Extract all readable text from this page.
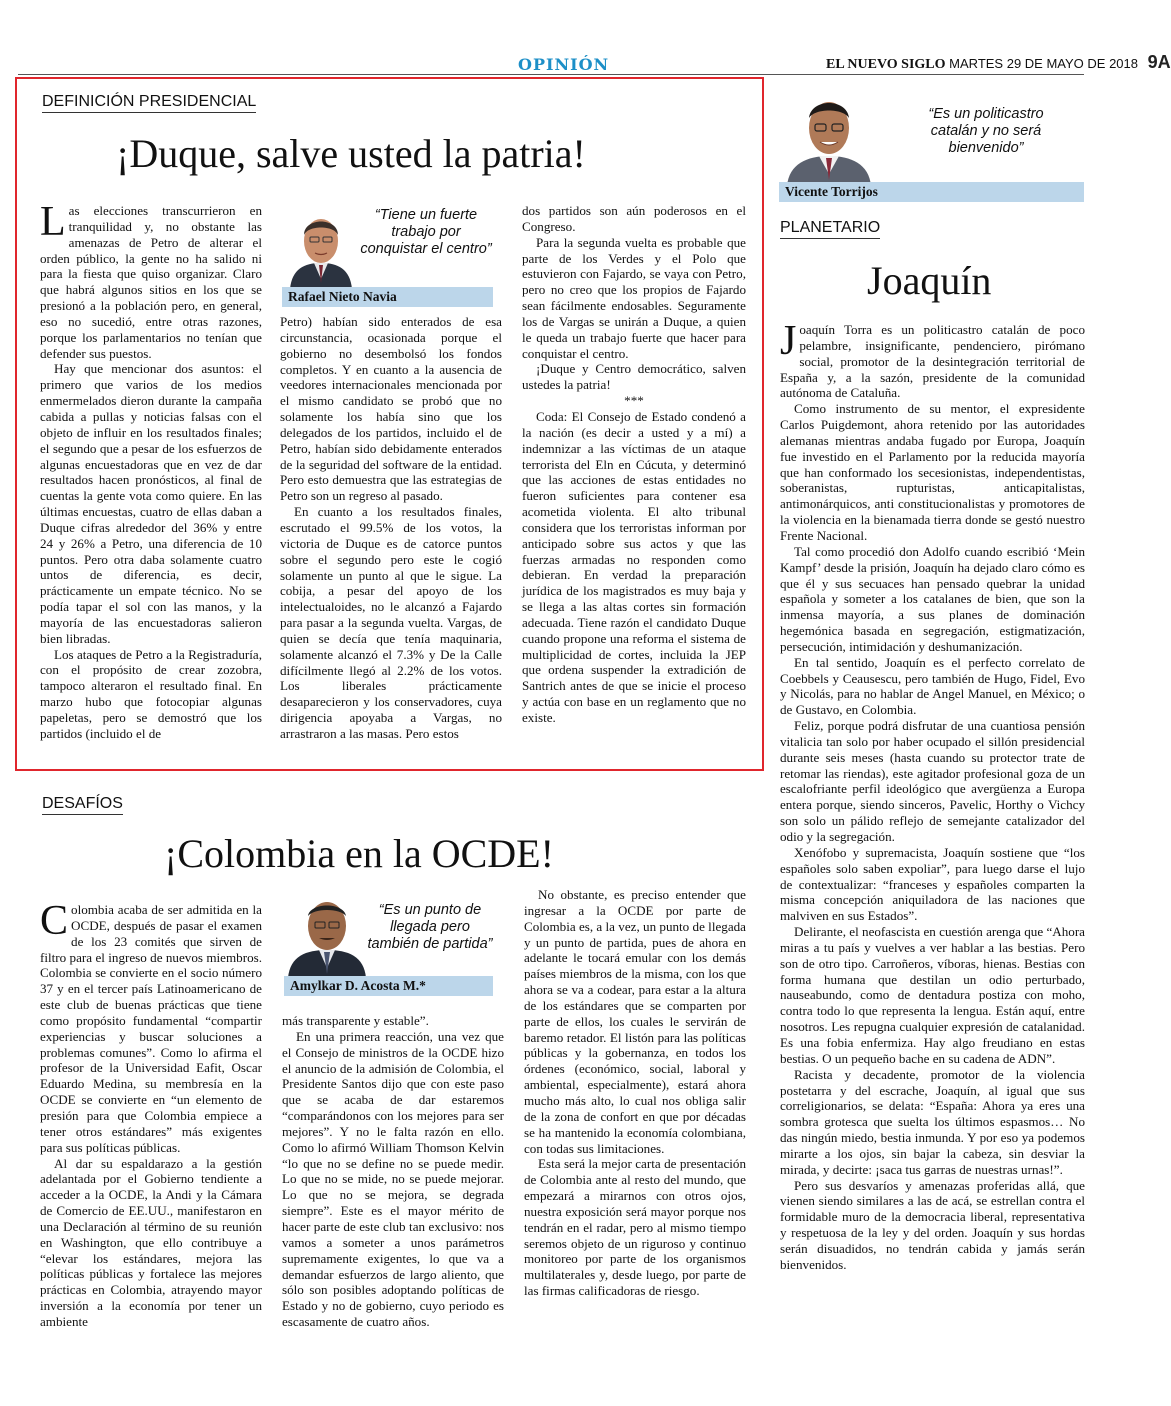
OPINIÓN	EL NUEVO SIGLO MARTES 29 DE MAYO DE 2018 9A
DEFINICIÓN PRESIDENCIAL
¡Duque, salve usted la patria!

Las elecciones transcurrieron en tranquilidad y, no obstante las amenazas de Petro de alterar el orden público, la gente no ha salido ni para la fiesta que quiso organizar. Claro que habrá algunos sitios en los que se presionó a la población pero, en general, eso no sucedió, entre otras razones, porque los parlamentarios no tenían que defender sus puestos.

Hay que mencionar dos asuntos: el primero que varios de los medios enmermelados dieron durante la campaña cabida a pullas y noticias falsas con el objeto de influir en los resultados finales; el segundo que a pesar de los esfuerzos de algunas encuestadoras que en vez de dar resultados hacen pronósticos, al final de cuentas la gente vota como quiere. En las últimas encuestas, cuatro de ellas daban a Duque cifras alrededor del 36% y entre 24 y 26% a Petro, una diferencia de 10 puntos. Pero otra daba solamente cuatro untos de diferencia, es decir, prácticamente un empate técnico. No se podía tapar el sol con las manos, y la mayoría de las encuestadoras salieron bien libradas.

Los ataques de Petro a la Registraduría, con el propósito de crear zozobra, tampoco alteraron el resultado final. En marzo hubo que fotocopiar algunas papeletas, pero se demostró que los partidos (incluido el de

“Tiene un fuerte trabajo por conquistar el centro”
Rafael Nieto Navia

Petro) habían sido enterados de esa circunstancia, ocasionada porque el gobierno no desembolsó los fondos completos. Y en cuanto a la ausencia de veedores internacionales mencionada por el mismo candidato se probó que no solamente los había sino que los delegados de los partidos, incluido el de Petro, habían sido debidamente enterados de la seguridad del software de la entidad. Pero esto demuestra que las estrategias de Petro son un regreso al pasado.

En cuanto a los resultados finales, escrutado el 99.5% de los votos, la victoria de Duque es de catorce puntos sobre el segundo pero este le cogió solamente un punto al que le sigue. La cobija, a pesar del apoyo de los intelectualoides, no le alcanzó a Fajardo para pasar a la segunda vuelta. Vargas, de quien se decía que tenía maquinaria, solamente alcanzó el 7.3% y De la Calle difícilmente llegó al 2.2% de los votos. Los liberales prácticamente desaparecieron y los conservadores, cuya dirigencia apoyaba a Vargas, no arrastraron a las masas. Pero estos

dos partidos son aún poderosos en el Congreso.

Para la segunda vuelta es probable que parte de los Verdes y el Polo que estuvieron con Fajardo, se vaya con Petro, pero no creo que los propios de Fajardo sean fácilmente endosables. Seguramente los de Vargas se unirán a Duque, a quien le queda un trabajo fuerte que hacer para conquistar el centro.

¡Duque y Centro democrático, salven ustedes la patria!

***

Coda: El Consejo de Estado condenó a la nación (es decir a usted y a mí) a indemnizar a las víctimas de un ataque terrorista del Eln en Cúcuta, y determinó que las acciones de estas entidades no fueron suficientes para contener esa acometida violenta. El alto tribunal considera que los terroristas informan por anticipado sobre sus actos y que las fuerzas armadas no responden como debieran. En verdad la preparación jurídica de los magistrados es muy baja y se llega a las altas cortes sin formación adecuada. Tiene razón el candidato Duque cuando propone una reforma el sistema de multiplicidad de cortes, incluida la JEP que ordena suspender la extradición de Santrich antes de que se inicie el proceso y actúa con base en un reglamento que no existe.

DESAFÍOS
¡Colombia en la OCDE!

Colombia acaba de ser admitida en la OCDE, después de pasar el examen de los 23 comités que sirven de filtro para el ingreso de nuevos miembros. Colombia se convierte en el socio número 37 y en el tercer país Latinoamericano de este club de buenas prácticas que tiene como propósito fundamental “compartir experiencias y buscar soluciones a problemas comunes”. Como lo afirma el profesor de la Universidad Eafit, Oscar Eduardo Medina, su membresía en la OCDE se convierte en “un elemento de presión para que Colombia empiece a tener otros estándares” más exigentes para sus políticas públicas.

Al dar su espaldarazo a la gestión adelantada por el Gobierno tendiente a acceder a la OCDE, la Andi y la Cámara de Comercio de EE.UU., manifestaron en una Declaración al término de su reunión en Washington, que ello contribuye a “elevar los estándares, mejora las políticas públicas y fortalece las mejores prácticas en Colombia, atrayendo mayor inversión a la economía por tener un ambiente

“Es un punto de llegada pero también de partida”
Amylkar D. Acosta M.*

más transparente y estable”.

En una primera reacción, una vez que el Consejo de ministros de la OCDE hizo el anuncio de la admisión de Colombia, el Presidente Santos dijo que con este paso que se acaba de dar estaremos “comparándonos con los mejores para ser mejores”. Y no le falta razón en ello. Como lo afirmó William Thomson Kelvin “lo que no se define no se puede medir. Lo que no se mide, no se puede mejorar. Lo que no se mejora, se degrada siempre”. Este es el mayor mérito de hacer parte de este club tan exclusivo: nos vamos a someter a unos parámetros supremamente exigentes, lo que va a demandar esfuerzos de largo aliento, que sólo son posibles adoptando políticas de Estado y no de gobierno, cuyo periodo es escasamente de cuatro años.

No obstante, es preciso entender que ingresar a la OCDE por parte de Colombia es, a la vez, un punto de llegada y un punto de partida, pues de ahora en adelante le tocará emular con los demás países miembros de la misma, con los que ahora se va a codear, para estar a la altura de los estándares que se comparten por parte de ellos, los cuales le servirán de baremo retador. El listón para las políticas públicas y la gobernanza, en todos los órdenes (económico, social, laboral y ambiental, especialmente), estará ahora mucho más alto, lo cual nos obliga salir de la zona de confort en que por décadas se ha mantenido la economía colombiana, con todas sus limitaciones.

Esta será la mejor carta de presentación de Colombia ante al resto del mundo, que empezará a mirarnos con otros ojos, nuestra exposición será mayor porque nos tendrán en el radar, pero al mismo tiempo seremos objeto de un riguroso y continuo monitoreo por parte de los organismos multilaterales y, desde luego, por parte de las firmas calificadoras de riesgo.

“Es un politicastro catalán y no será bienvenido”
Vicente Torrijos
PLANETARIO
Joaquín

Joaquín Torra es un politicastro catalán de poco pelambre, insignificante, pendenciero, pirómano social, promotor de la desintegración territorial de España y, a la sazón, presidente de la comunidad autónoma de Cataluña.

Como instrumento de su mentor, el expresidente Carlos Puigdemont, ahora retenido por las autoridades alemanas mientras andaba fugado por Europa, Joaquín fue investido en el Parlamento por la reducida mayoría que han conformado los secesionistas, independentistas, soberanistas, rupturistas, anticapitalistas, antimonárquicos, anti constitucionalistas y promotores de la violencia en la bienamada tierra donde se gestó nuestro Frente Nacional.

Tal como procedió don Adolfo cuando escribió ‘Mein Kampf’ desde la prisión, Joaquín ha dejado claro cómo es que él y sus secuaces han pensado quebrar la unidad española y someter a los catalanes de bien, que son la inmensa mayoría, a sus planes de dominación hegemónica basada en segregación, estigmatización, persecución, intimidación y deshumanización.

En tal sentido, Joaquín es el perfecto correlato de Coebbels y Ceausescu, pero también de Hugo, Fidel, Evo y Nicolás, para no hablar de Angel Manuel, en México; o de Gustavo, en Colombia.

Feliz, porque podrá disfrutar de una cuantiosa pensión vitalicia tan solo por haber ocupado el sillón presidencial durante seis meses (hasta cuando su protector trate de retomar las riendas), este agitador profesional goza de un escalofriante perfil ideológico que avergüenza a Europa entera porque, siendo sinceros, Pavelic, Horthy o Vichcy son solo un pálido reflejo de semejante catalizador del odio y la segregación.

Xenófobo y supremacista, Joaquín sostiene que “los españoles solo saben expoliar”, para luego darse el lujo de contextualizar: “franceses y españoles comparten la misma concepción aniquiladora de las naciones que malviven en sus Estados”.

Delirante, el neofascista en cuestión arenga que “Ahora miras a tu país y vuelves a ver hablar a las bestias. Pero son de otro tipo. Carroñeros, víboras, hienas. Bestias con forma humana que destilan un odio perturbado, nauseabundo, como de dentadura postiza con moho, contra todo lo que representa la lengua. Están aquí, entre nosotros. Les repugna cualquier expresión de catalanidad. Es una fobia enfermiza. Hay algo freudiano en estas bestias. O un pequeño bache en su cadena de ADN”.

Racista y decadente, promotor de la violencia postetarra y del escrache, Joaquín, al igual que sus correligionarios, se delata: “España: Ahora ya eres una sombra grotesca que suelta los últimos espasmos… No das ningún miedo, bestia inmunda. Y por eso ya podemos mirarte a los ojos, sin bajar la cabeza, sin desviar la mirada, y decirte: ¡saca tus garras de nuestras urnas!”.

Pero sus desvaríos y amenazas proferidas allá, que vienen siendo similares a las de acá, se estrellan contra el formidable muro de la democracia liberal, representativa y respetuosa de la ley y del orden. Joaquín y sus hordas serán disuadidos, no tendrán cabida y jamás serán bienvenidos.
